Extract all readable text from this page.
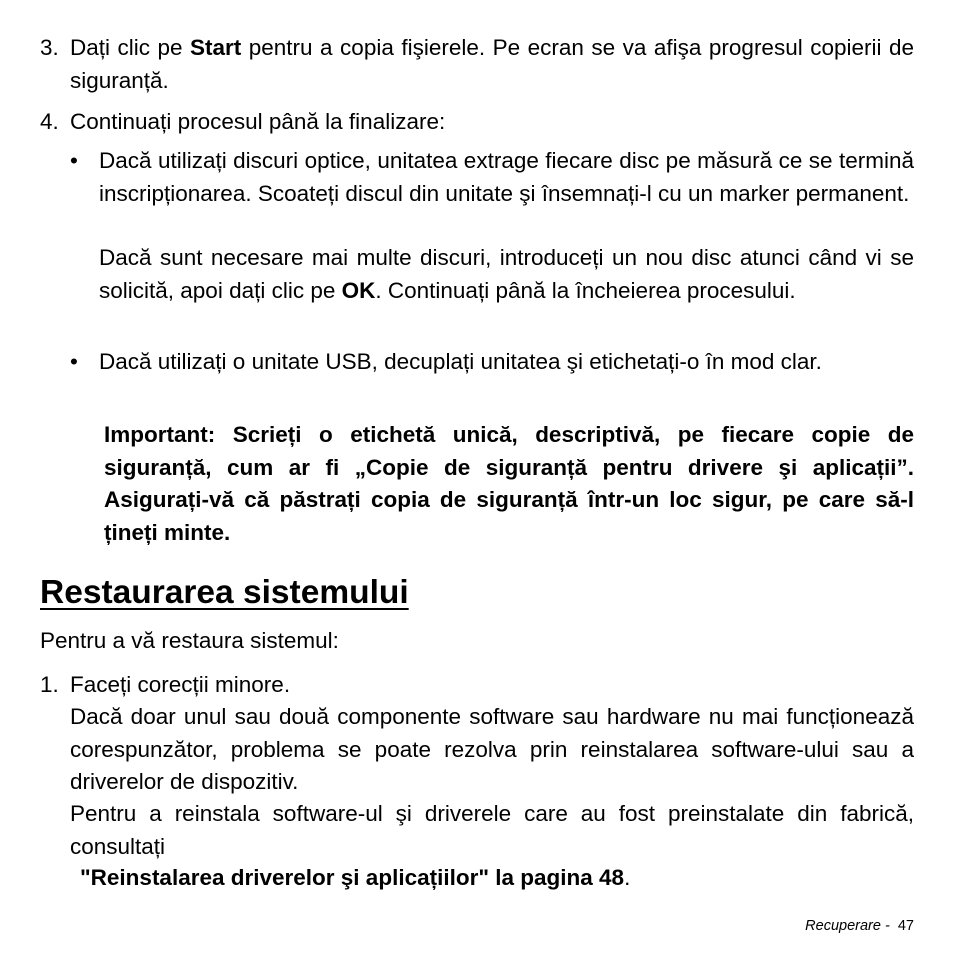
3. Dați clic pe Start pentru a copia fişierele. Pe ecran se va afişa progresul copierii de siguranță.

4. Continuați procesul până la finalizare:

• Dacă utilizați discuri optice, unitatea extrage fiecare disc pe măsură ce se termină inscripționarea. Scoateți discul din unitate şi însemnați-l cu un marker permanent.

Dacă sunt necesare mai multe discuri, introduceți un nou disc atunci când vi se solicită, apoi dați clic pe OK. Continuați până la încheierea procesului.

• Dacă utilizați o unitate USB, decuplați unitatea şi etichetați-o în mod clar.

Important: Scrieți o etichetă unică, descriptivă, pe fiecare copie de siguranță, cum ar fi „Copie de siguranță pentru drivere şi aplicații”. Asigurați-vă că păstrați copia de siguranță într-un loc sigur, pe care să-l țineți minte.

Restaurarea sistemului

Pentru a vă restaura sistemul:

1. Faceți corecții minore.

Dacă doar unul sau două componente software sau hardware nu mai funcționează corespunzător, problema se poate rezolva prin reinstalarea software-ului sau a driverelor de dispozitiv.

Pentru a reinstala software-ul şi driverele care au fost preinstalate din fabrică, consultați

"Reinstalarea driverelor şi aplicațiilor" la pagina 48.

Recuperare - 47
